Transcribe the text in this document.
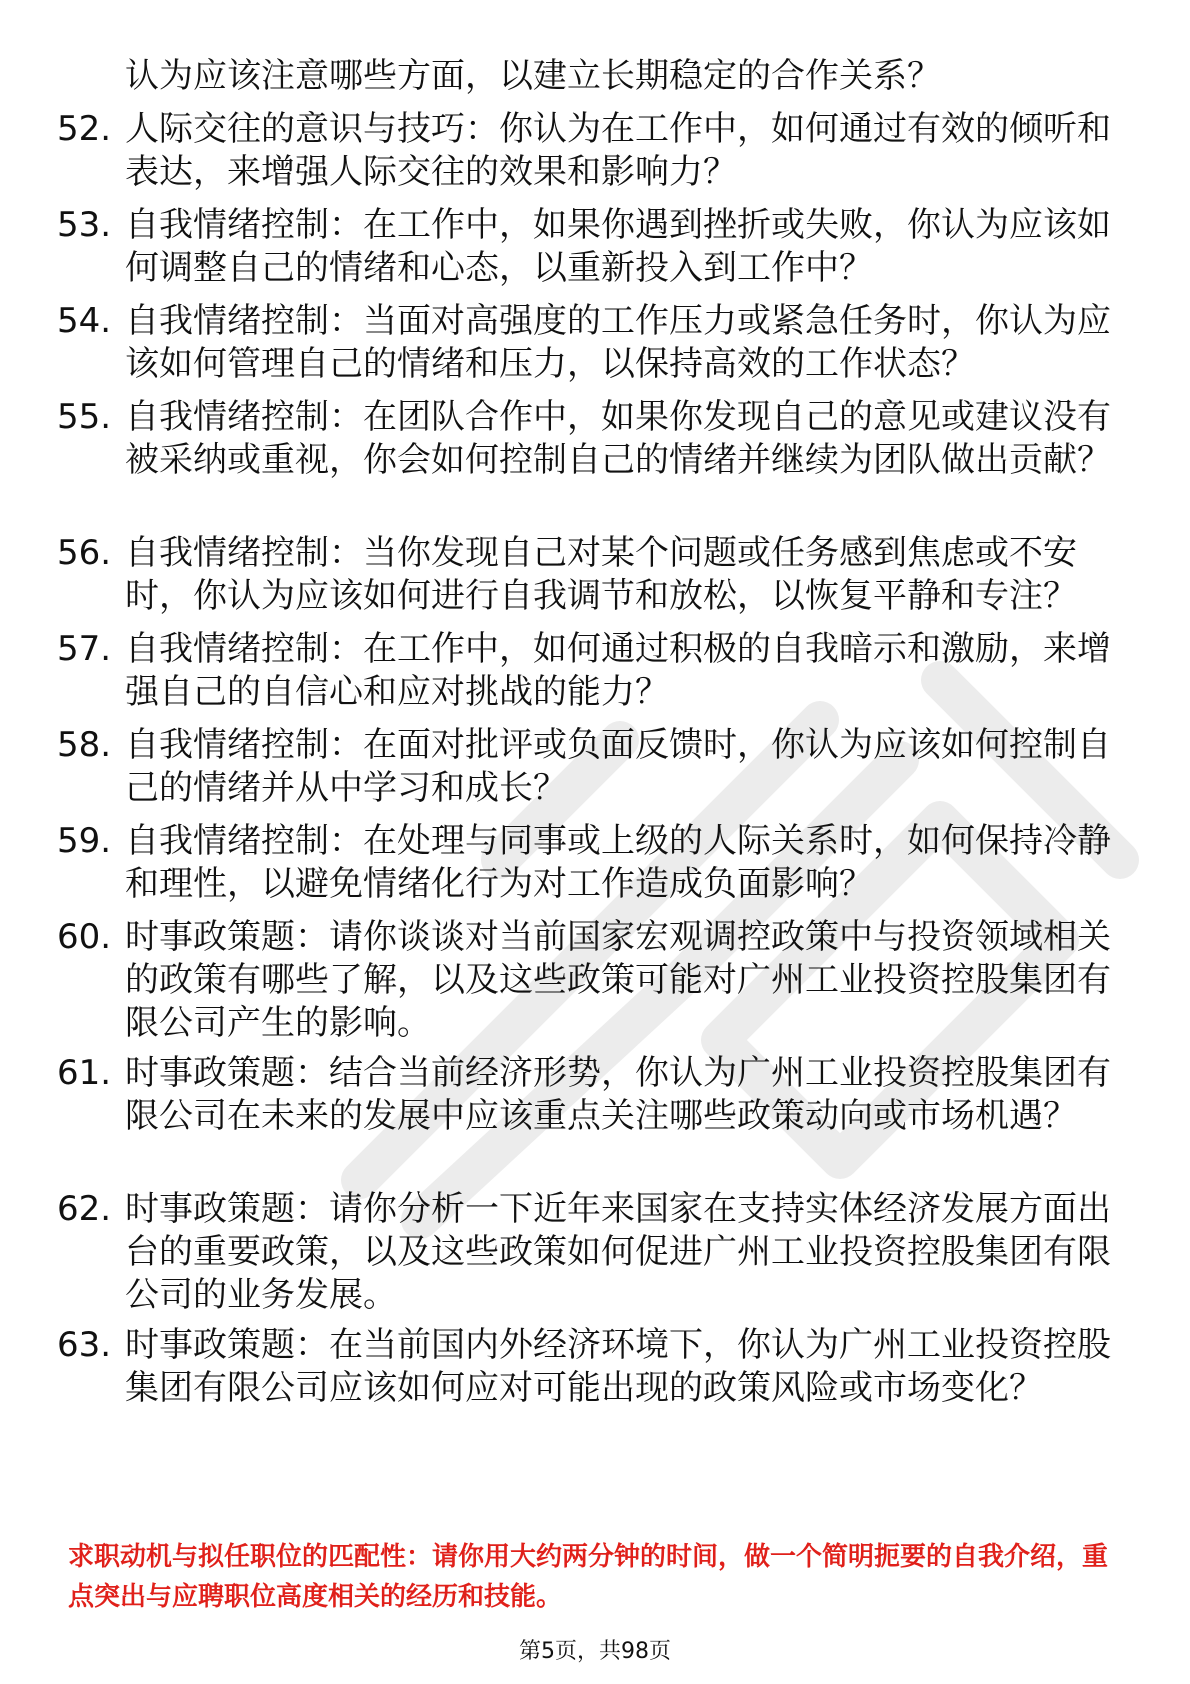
认为应该注意哪些方面，以建立长期稳定的合作关系？
52. 人际交往的意识与技巧：你认为在工作中，如何通过有效的倾听和表达，来增强人际交往的效果和影响力？
53. 自我情绪控制：在工作中，如果你遇到挫折或失败，你认为应该如何调整自己的情绪和心态，以重新投入到工作中？
54. 自我情绪控制：当面对高强度的工作压力或紧急任务时，你认为应该如何管理自己的情绪和压力，以保持高效的工作状态？
55. 自我情绪控制：在团队合作中，如果你发现自己的意见或建议没有被采纳或重视，你会如何控制自己的情绪并继续为团队做出贡献？
56. 自我情绪控制：当你发现自己对某个问题或任务感到焦虑或不安时，你认为应该如何进行自我调节和放松，以恢复平静和专注？
57. 自我情绪控制：在工作中，如何通过积极的自我暗示和激励，来增强自己的自信心和应对挑战的能力？
58. 自我情绪控制：在面对批评或负面反馈时，你认为应该如何控制自己的情绪并从中学习和成长？
59. 自我情绪控制：在处理与同事或上级的人际关系时，如何保持冷静和理性，以避免情绪化行为对工作造成负面影响？
60. 时事政策题：请你谈谈对当前国家宏观调控政策中与投资领域相关的政策有哪些了解，以及这些政策可能对广州工业投资控股集团有限公司产生的影响。
61. 时事政策题：结合当前经济形势，你认为广州工业投资控股集团有限公司在未来的发展中应该重点关注哪些政策动向或市场机遇？
62. 时事政策题：请你分析一下近年来国家在支持实体经济发展方面出台的重要政策，以及这些政策如何促进广州工业投资控股集团有限公司的业务发展。
63. 时事政策题：在当前国内外经济环境下，你认为广州工业投资控股集团有限公司应该如何应对可能出现的政策风险或市场变化？
求职动机与拟任职位的匹配性：请你用大约两分钟的时间，做一个简明扼要的自我介绍，重点突出与应聘职位高度相关的经历和技能。
第5页，共98页
